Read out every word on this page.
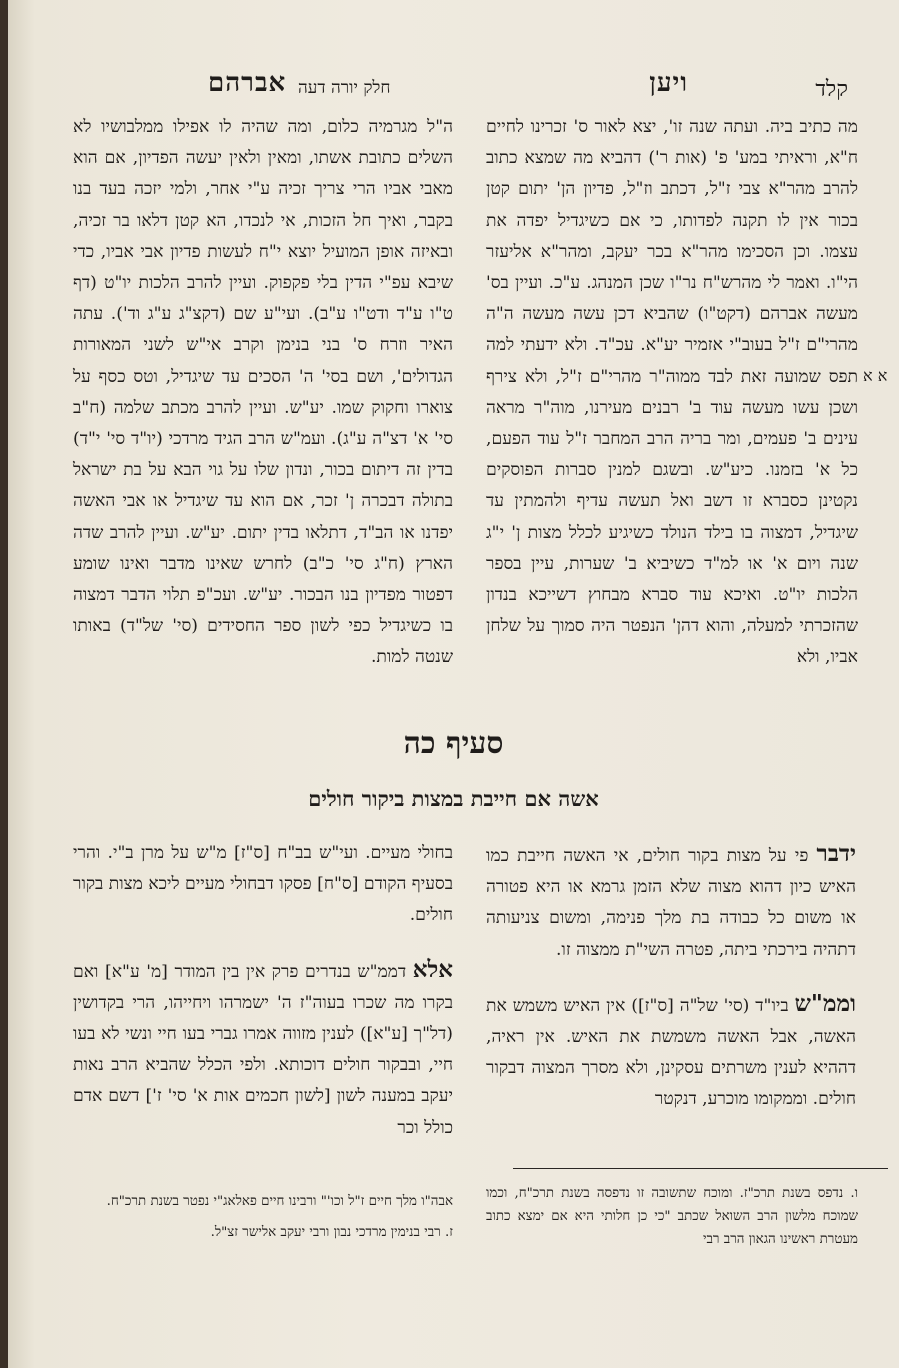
קלד
ויען
חלק יורה דעה
אברהם
א א

מה כתיב ביה. ועתה שנה זו', יצא לאור ס' זכרינו לחיים ח"א, וראיתי במע' פ' (אות ר') דהביא מה שמצא כתוב להרב מהר"א צבי ז"ל, דכתב וז"ל, פדיון הן' יתום קטן בכור אין לו תקנה לפדותו, כי אם כשיגדיל יפדה את עצמו. וכן הסכימו מהר"א בכר יעקב, ומהר"א אליעזר הי"ו. ואמר לי מהרש"ח נר"ו שכן המנהג. ע"כ. ועיין בס' מעשה אברהם (דקט"ו) שהביא דכן עשה מעשה ה"ה מהרי"ם ז"ל בעוב"י אזמיר יע"א. עכ"ד. ולא ידעתי למה תפס שמועה זאת לבד ממוה"ר מהרי"ם ז"ל, ולא צירף ושכן עשו מעשה עוד ב' רבנים מעירנו, מוה"ר מראה עינים ב' פעמים, ומר בריה הרב המחבר ז"ל עוד הפעם, כל א' בזמנו. כיע"ש. ובשגם למנין סברות הפוסקים נקטינן כסברא זו דשב ואל תעשה עדיף ולהמתין עד שיגדיל, דמצוה בו בילד הנולד כשיגיע לכלל מצות ן' י"ג שנה ויום א' או למ"ד כשיביא ב' שערות, עיין בספר הלכות יו"ט. ואיכא עוד סברא מבחוץ דשייכא בנדון שהזכרתי למעלה, והוא דהן' הנפטר היה סמוך על שלחן אביו, ולא

ה"ל מגרמיה כלום, ומה שהיה לו אפילו ממלבושיו לא השלים כתובת אשתו, ומאין ולאין יעשה הפדיון, אם הוא מאבי אביו הרי צריך זכיה ע"י אחר, ולמי יזכה בעד בנו בקבר, ואיך חל הזכות, אי לנכדו, הא קטן דלאו בר זכיה, ובאיזה אופן המועיל יוצא י"ח לעשות פדיון אבי אביו, כדי שיבא עפ"י הדין בלי פקפוק. ועיין להרב הלכות יו"ט (דף ט"ו ע"ד ודט"ו ע"ב). ועי"ע שם (דקצ"ג ע"ג וד'). עתה האיר וזרח ס' בני בנימן וקרב אי"ש לשני המאורות הגדולים', ושם בסי' ה' הסכים עד שיגדיל, וטס כסף על צוארו וחקוק שמו. יע"ש. ועיין להרב מכתב שלמה (ח"ב סי' א' דצ"ה ע"ג). ועמ"ש הרב הגיד מרדכי (יו"ד סי' י"ד) בדין זה דיתום בכור, ונדון שלו על גוי הבא על בת ישראל בתולה דבכרה ן' זכר, אם הוא עד שיגדיל או אבי האשה יפדנו או הב"ד, דתלאו בדין יתום. יע"ש. ועיין להרב שדה הארץ (ח"ג סי' כ"ב) לחרש שאינו מדבר ואינו שומע דפטור מפדיון בנו הבכור. יע"ש. ועכ"פ תלוי הדבר דמצוה בו כשיגדיל כפי לשון ספר החסידים (סי' של"ד) באותו שנטה למות.

סעיף כה
אשה אם חייבת במצות ביקור חולים

ידבר פי על מצות בקור חולים, אי האשה חייבת כמו האיש כיון דהוא מצוה שלא הזמן גרמא או היא פטורה או משום כל כבודה בת מלך פנימה, ומשום צניעותה דתהיה בירכתי ביתה, פטרה השי"ת ממצוה זו.

וממ"ש ביו"ד (סי' של"ה [ס"ז]) אין האיש משמש את האשה, אבל האשה משמשת את האיש. אין ראיה, דההיא לענין משרתים עסקינן, ולא מסרך המצוה דבקור חולים. וממקומו מוכרע, דנקטר

בחולי מעיים. ועי"ש בב"ח [ס"ז] מ"ש על מרן ב"י. והרי בסעיף הקודם [ס"ח] פסקו דבחולי מעיים ליכא מצות בקור חולים.

אלא דממ"ש בנדרים פרק אין בין המודר [מ' ע"א] ואם בקרו מה שכרו בעוה"ז ה' ישמרהו ויחייהו, הרי בקדושין (דל"ך [ע"א]) לענין מזווה אמרו גברי בעו חיי ונשי לא בעו חיי, ובבקור חולים דוכותא. ולפי הכלל שהביא הרב נאות יעקב במענה לשון [לשון חכמים אות א' סי' ז'] דשם אדם כולל וכר

ו. נדפס בשנת תרכ"ז. ומוכח שתשובה זו נדפסה בשנת תרכ"ח, וכמו שמוכח מלשון הרב השואל שכתב "כי כן חלותי היא אם ימצא כתוב מעטרת ראשינו הגאון הרב רבי

אבה"ו מלך חיים ז"ל וכו'" ורבינו חיים פאלאג"י נפטר בשנת תרכ"ח.

ז. רבי בנימין מרדכי נבון ורבי יעקב אלישר זצ"ל.
